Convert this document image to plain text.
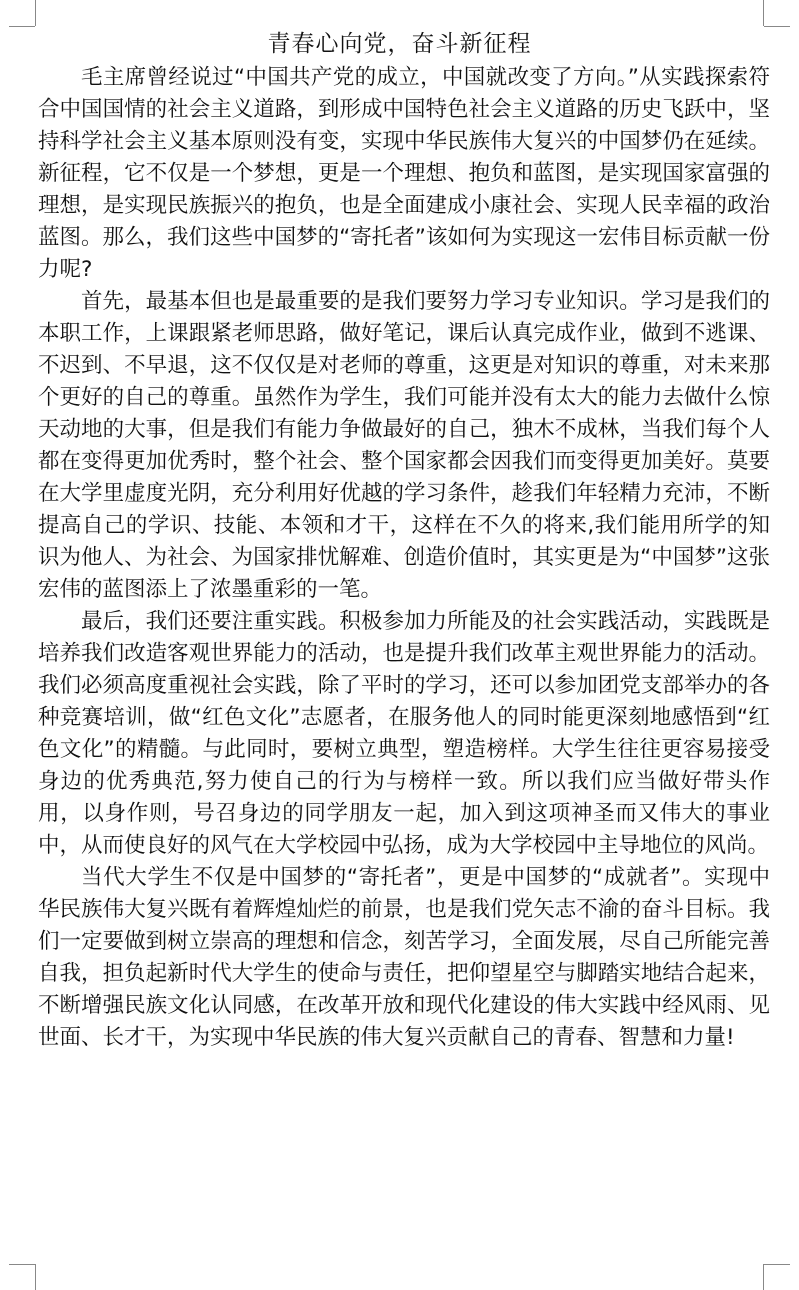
青春心向党，奋斗新征程

毛主席曾经说过“中国共产党的成立，中国就改变了方向。”从实践探索符合中国国情的社会主义道路，到形成中国特色社会主义道路的历史飞跃中，坚持科学社会主义基本原则没有变，实现中华民族伟大复兴的中国梦仍在延续。新征程，它不仅是一个梦想，更是一个理想、抱负和蓝图，是实现国家富强的理想，是实现民族振兴的抱负，也是全面建成小康社会、实现人民幸福的政治蓝图。那么，我们这些中国梦的“寄托者”该如何为实现这一宏伟目标贡献一份力呢?

首先，最基本但也是最重要的是我们要努力学习专业知识。学习是我们的本职工作，上课跟紧老师思路，做好笔记，课后认真完成作业，做到不逃课、不迟到、不早退，这不仅仅是对老师的尊重，这更是对知识的尊重，对未来那个更好的自己的尊重。虽然作为学生，我们可能并没有太大的能力去做什么惊天动地的大事，但是我们有能力争做最好的自己，独木不成林，当我们每个人都在变得更加优秀时，整个社会、整个国家都会因我们而变得更加美好。莫要在大学里虚度光阴，充分利用好优越的学习条件，趁我们年轻精力充沛，不断提高自己的学识、技能、本领和才干，这样在不久的将来,我们能用所学的知识为他人、为社会、为国家排忧解难、创造价值时，其实更是为“中国梦”这张宏伟的蓝图添上了浓墨重彩的一笔。

最后，我们还要注重实践。积极参加力所能及的社会实践活动，实践既是培养我们改造客观世界能力的活动，也是提升我们改革主观世界能力的活动。我们必须高度重视社会实践，除了平时的学习，还可以参加团党支部举办的各种竞赛培训，做“红色文化”志愿者，在服务他人的同时能更深刻地感悟到“红色文化”的精髓。与此同时，要树立典型，塑造榜样。大学生往往更容易接受身边的优秀典范,努力使自己的行为与榜样一致。所以我们应当做好带头作用，以身作则，号召身边的同学朋友一起，加入到这项神圣而又伟大的事业中，从而使良好的风气在大学校园中弘扬，成为大学校园中主导地位的风尚。

当代大学生不仅是中国梦的“寄托者”，更是中国梦的“成就者”。实现中华民族伟大复兴既有着辉煌灿烂的前景，也是我们党矢志不渝的奋斗目标。我们一定要做到树立崇高的理想和信念，刻苦学习，全面发展，尽自己所能完善自我，担负起新时代大学生的使命与责任，把仰望星空与脚踏实地结合起来，不断增强民族文化认同感，在改革开放和现代化建设的伟大实践中经风雨、见世面、长才干，为实现中华民族的伟大复兴贡献自己的青春、智慧和力量!
